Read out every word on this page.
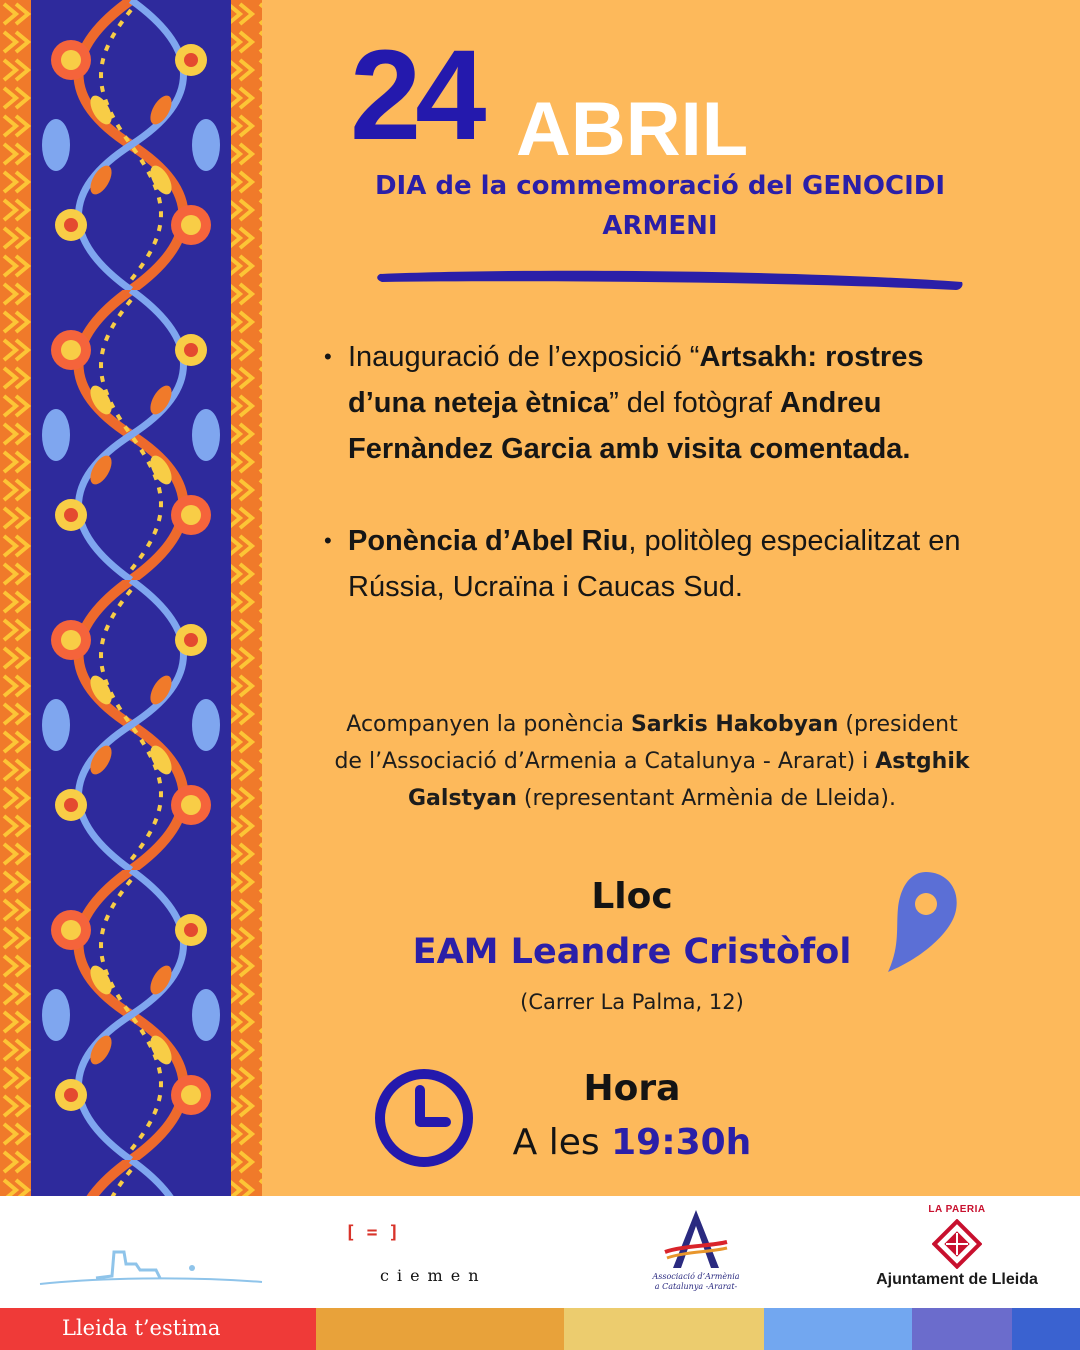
24 ABRIL
DIA de la commemoració del GENOCIDI
ARMENI
• Inauguració de l’exposició “Artsakh: rostres d’una neteja ètnica” del fotògraf Andreu Fernàndez Garcia amb visita comentada.
• Ponència d’Abel Riu, politòleg especialitzat en Rússia, Ucraïna i Caucas Sud.

Acompanyen la ponència Sarkis Hakobyan (president de l’Associació d’Armenia a Catalunya - Ararat) i Astghik Galstyan (representant Armènia de Lleida).

Lloc
EAM Leandre Cristòfol
(Carrer La Palma, 12)
Hora
A les 19:30h
[ = ]
ciemen	Associació d’Armènia
a Catalunya -Ararat-
LA PAERIA
Ajuntament de Lleida
Lleida t’estima
